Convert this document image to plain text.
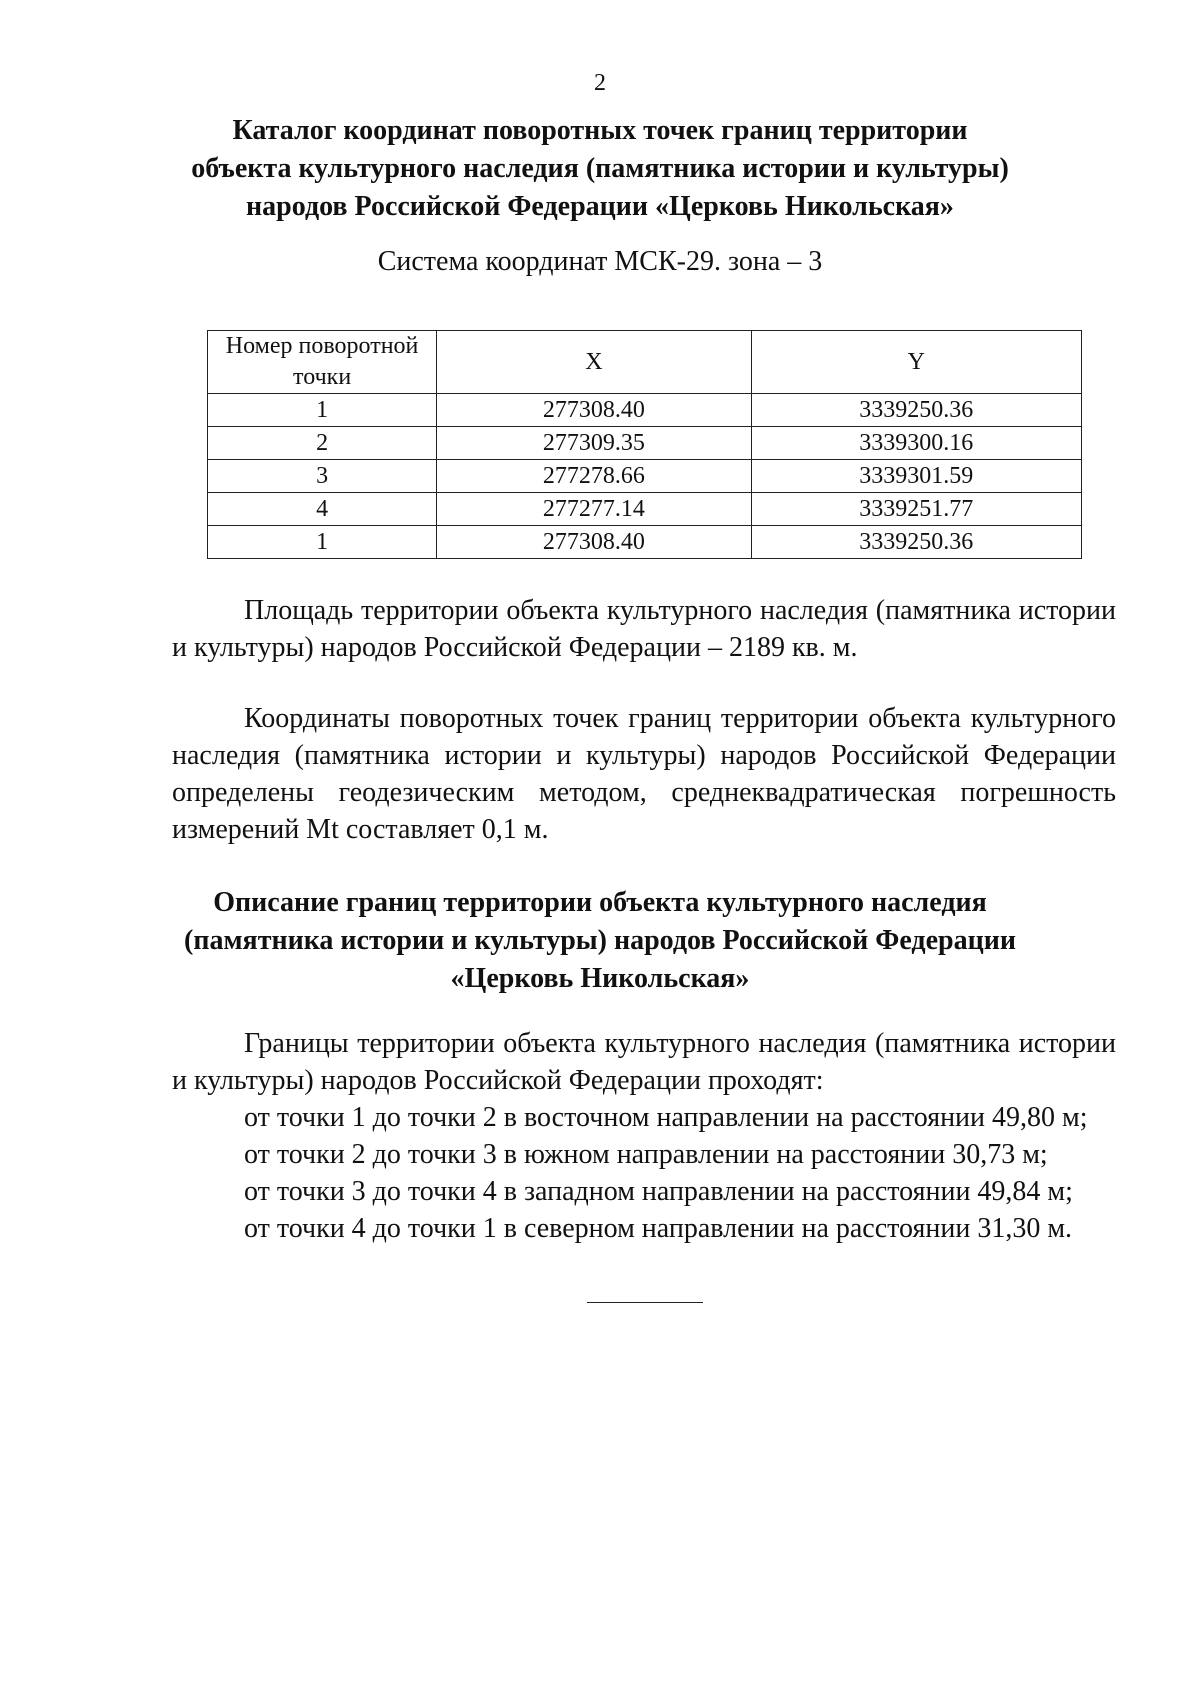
2
Каталог координат поворотных точек границ территории
объекта культурного наследия (памятника истории и культуры)
народов Российской Федерации «Церковь Никольская»
Система координат МСК-29. зона – 3
Номер поворотной точки	X	Y
1	277308.40	3339250.36
2	277309.35	3339300.16
3	277278.66	3339301.59
4	277277.14	3339251.77
1	277308.40	3339250.36
Площадь территории объекта культурного наследия (памятника истории и культуры) народов Российской Федерации – 2189 кв. м.
Координаты поворотных точек границ территории объекта культурного наследия (памятника истории и культуры) народов Российской Федерации определены геодезическим методом, среднеквадратическая погрешность измерений Mt составляет 0,1 м.
Описание границ территории объекта культурного наследия
(памятника истории и культуры) народов Российской Федерации
«Церковь Никольская»
Границы территории объекта культурного наследия (памятника истории и культуры) народов Российской Федерации проходят:
от точки 1 до точки 2 в восточном направлении на расстоянии 49,80 м;
от точки 2 до точки 3 в южном направлении на расстоянии 30,73 м;
от точки 3 до точки 4 в западном направлении на расстоянии 49,84 м;
от точки 4 до точки 1 в северном направлении на расстоянии 31,30 м.
